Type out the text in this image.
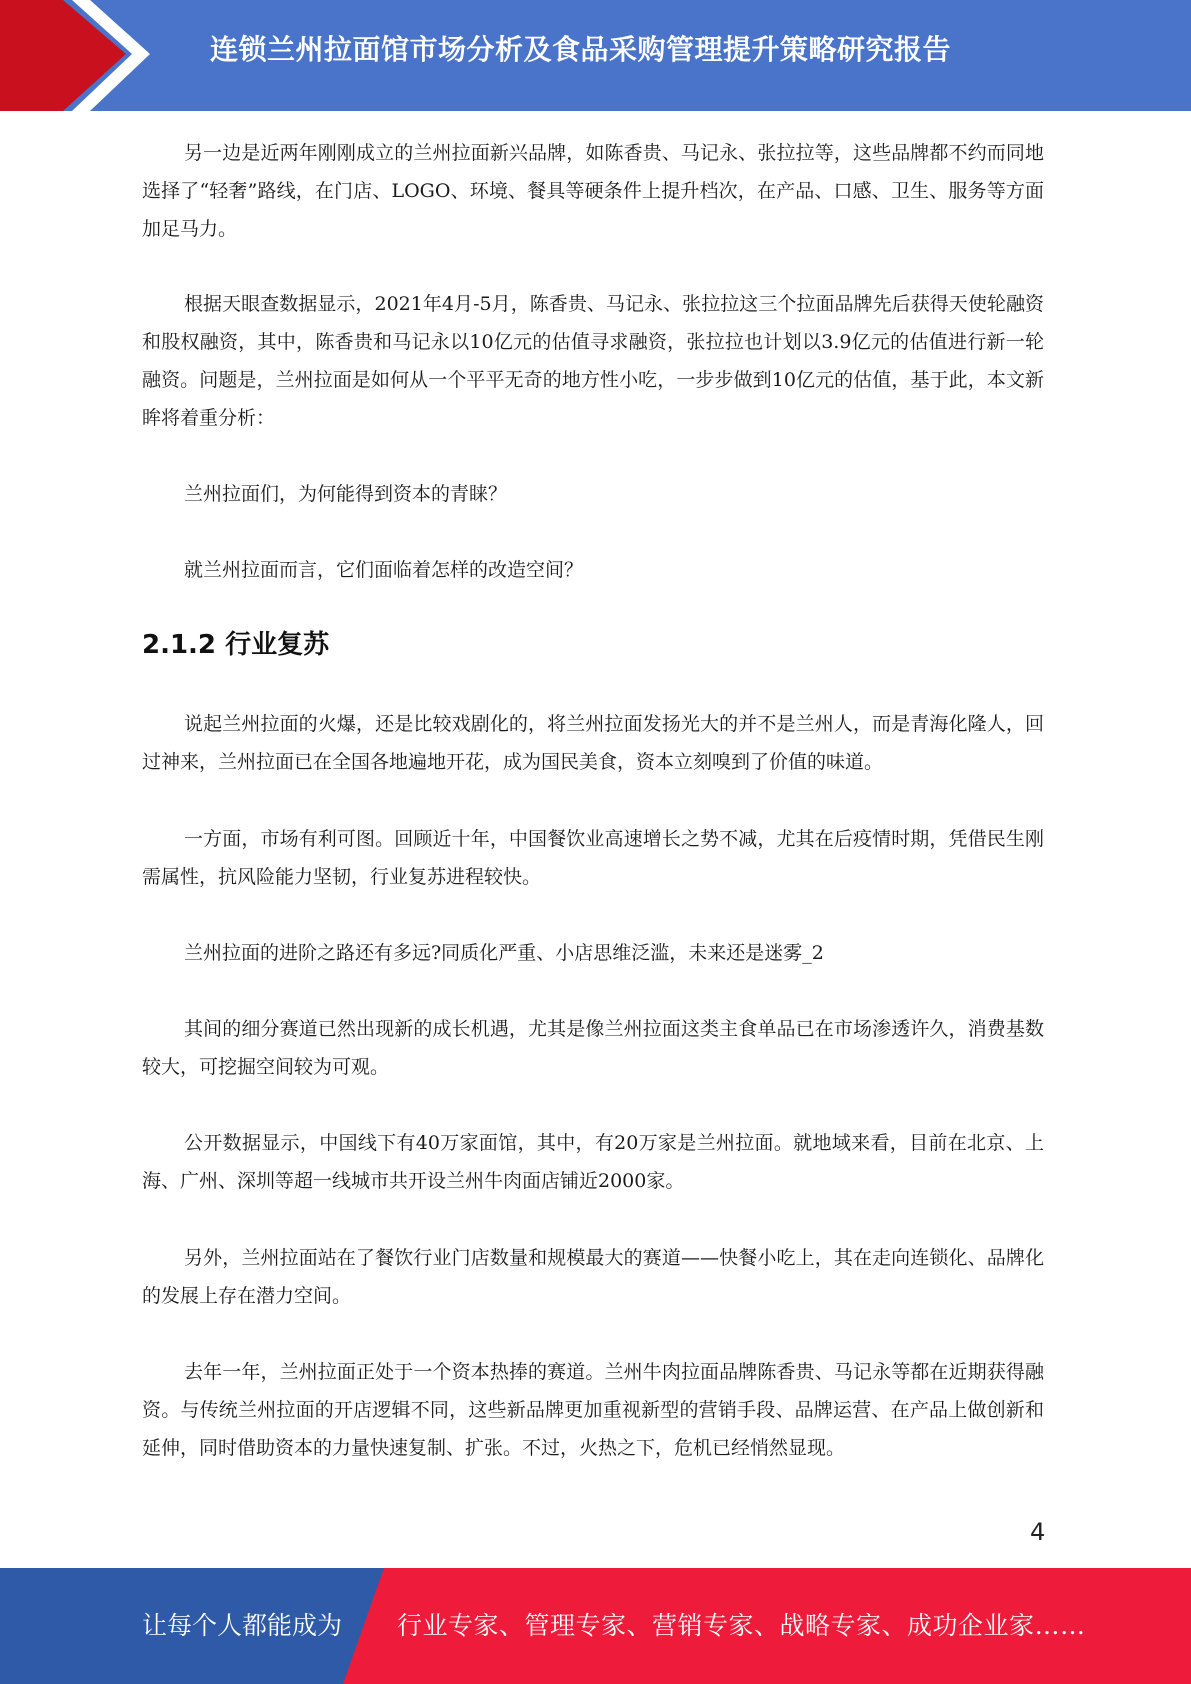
连锁兰州拉面馆市场分析及食品采购管理提升策略研究报告

另一边是近两年刚刚成立的兰州拉面新兴品牌，如陈香贵、马记永、张拉拉等，这些品牌都不约而同地选择了“轻奢”路线，在门店、LOGO、环境、餐具等硬条件上提升档次，在产品、口感、卫生、服务等方面加足马力。

根据天眼查数据显示，2021年4月-5月，陈香贵、马记永、张拉拉这三个拉面品牌先后获得天使轮融资和股权融资，其中，陈香贵和马记永以10亿元的估值寻求融资，张拉拉也计划以3.9亿元的估值进行新一轮融资。问题是，兰州拉面是如何从一个平平无奇的地方性小吃，一步步做到10亿元的估值，基于此，本文新眸将着重分析：

兰州拉面们，为何能得到资本的青睐？

就兰州拉面而言，它们面临着怎样的改造空间？

2.1.2 行业复苏

说起兰州拉面的火爆，还是比较戏剧化的，将兰州拉面发扬光大的并不是兰州人，而是青海化隆人，回过神来，兰州拉面已在全国各地遍地开花，成为国民美食，资本立刻嗅到了价值的味道。

一方面，市场有利可图。回顾近十年，中国餐饮业高速增长之势不减，尤其在后疫情时期，凭借民生刚需属性，抗风险能力坚韧，行业复苏进程较快。

兰州拉面的进阶之路还有多远?同质化严重、小店思维泛滥，未来还是迷雾_2

其间的细分赛道已然出现新的成长机遇，尤其是像兰州拉面这类主食单品已在市场渗透许久，消费基数较大，可挖掘空间较为可观。

公开数据显示，中国线下有40万家面馆，其中，有20万家是兰州拉面。就地域来看，目前在北京、上海、广州、深圳等超一线城市共开设兰州牛肉面店铺近2000家。

另外，兰州拉面站在了餐饮行业门店数量和规模最大的赛道——快餐小吃上，其在走向连锁化、品牌化的发展上存在潜力空间。

去年一年，兰州拉面正处于一个资本热捧的赛道。兰州牛肉拉面品牌陈香贵、马记永等都在近期获得融资。与传统兰州拉面的开店逻辑不同，这些新品牌更加重视新型的营销手段、品牌运营、在产品上做创新和延伸，同时借助资本的力量快速复制、扩张。不过，火热之下，危机已经悄然显现。

4
让每个人都能成为 行业专家、管理专家、营销专家、战略专家、成功企业家……
